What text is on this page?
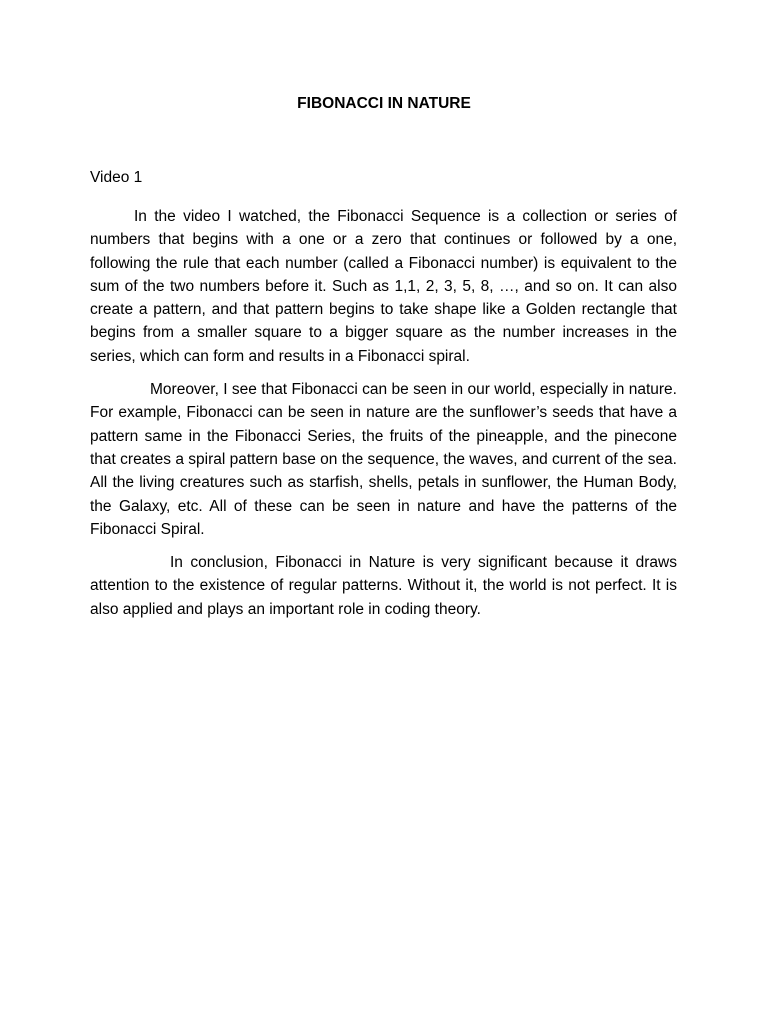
FIBONACCI IN NATURE
Video 1

In the video I watched, the Fibonacci Sequence is a collection or series of numbers that begins with a one or a zero that continues or followed by a one, following the rule that each number (called a Fibonacci number) is equivalent to the sum of the two numbers before it. Such as 1,1, 2, 3, 5, 8, …, and so on. It can also create a pattern, and that pattern begins to take shape like a Golden rectangle that begins from a smaller square to a bigger square as the number increases in the series, which can form and results in a Fibonacci spiral.

Moreover, I see that Fibonacci can be seen in our world, especially in nature. For example, Fibonacci can be seen in nature are the sunflower’s seeds that have a pattern same in the Fibonacci Series, the fruits of the pineapple, and the pinecone that creates a spiral pattern base on the sequence, the waves, and current of the sea. All the living creatures such as starfish, shells, petals in sunflower, the Human Body, the Galaxy, etc. All of these can be seen in nature and have the patterns of the Fibonacci Spiral.

In conclusion, Fibonacci in Nature is very significant because it draws attention to the existence of regular patterns. Without it, the world is not perfect. It is also applied and plays an important role in coding theory.
